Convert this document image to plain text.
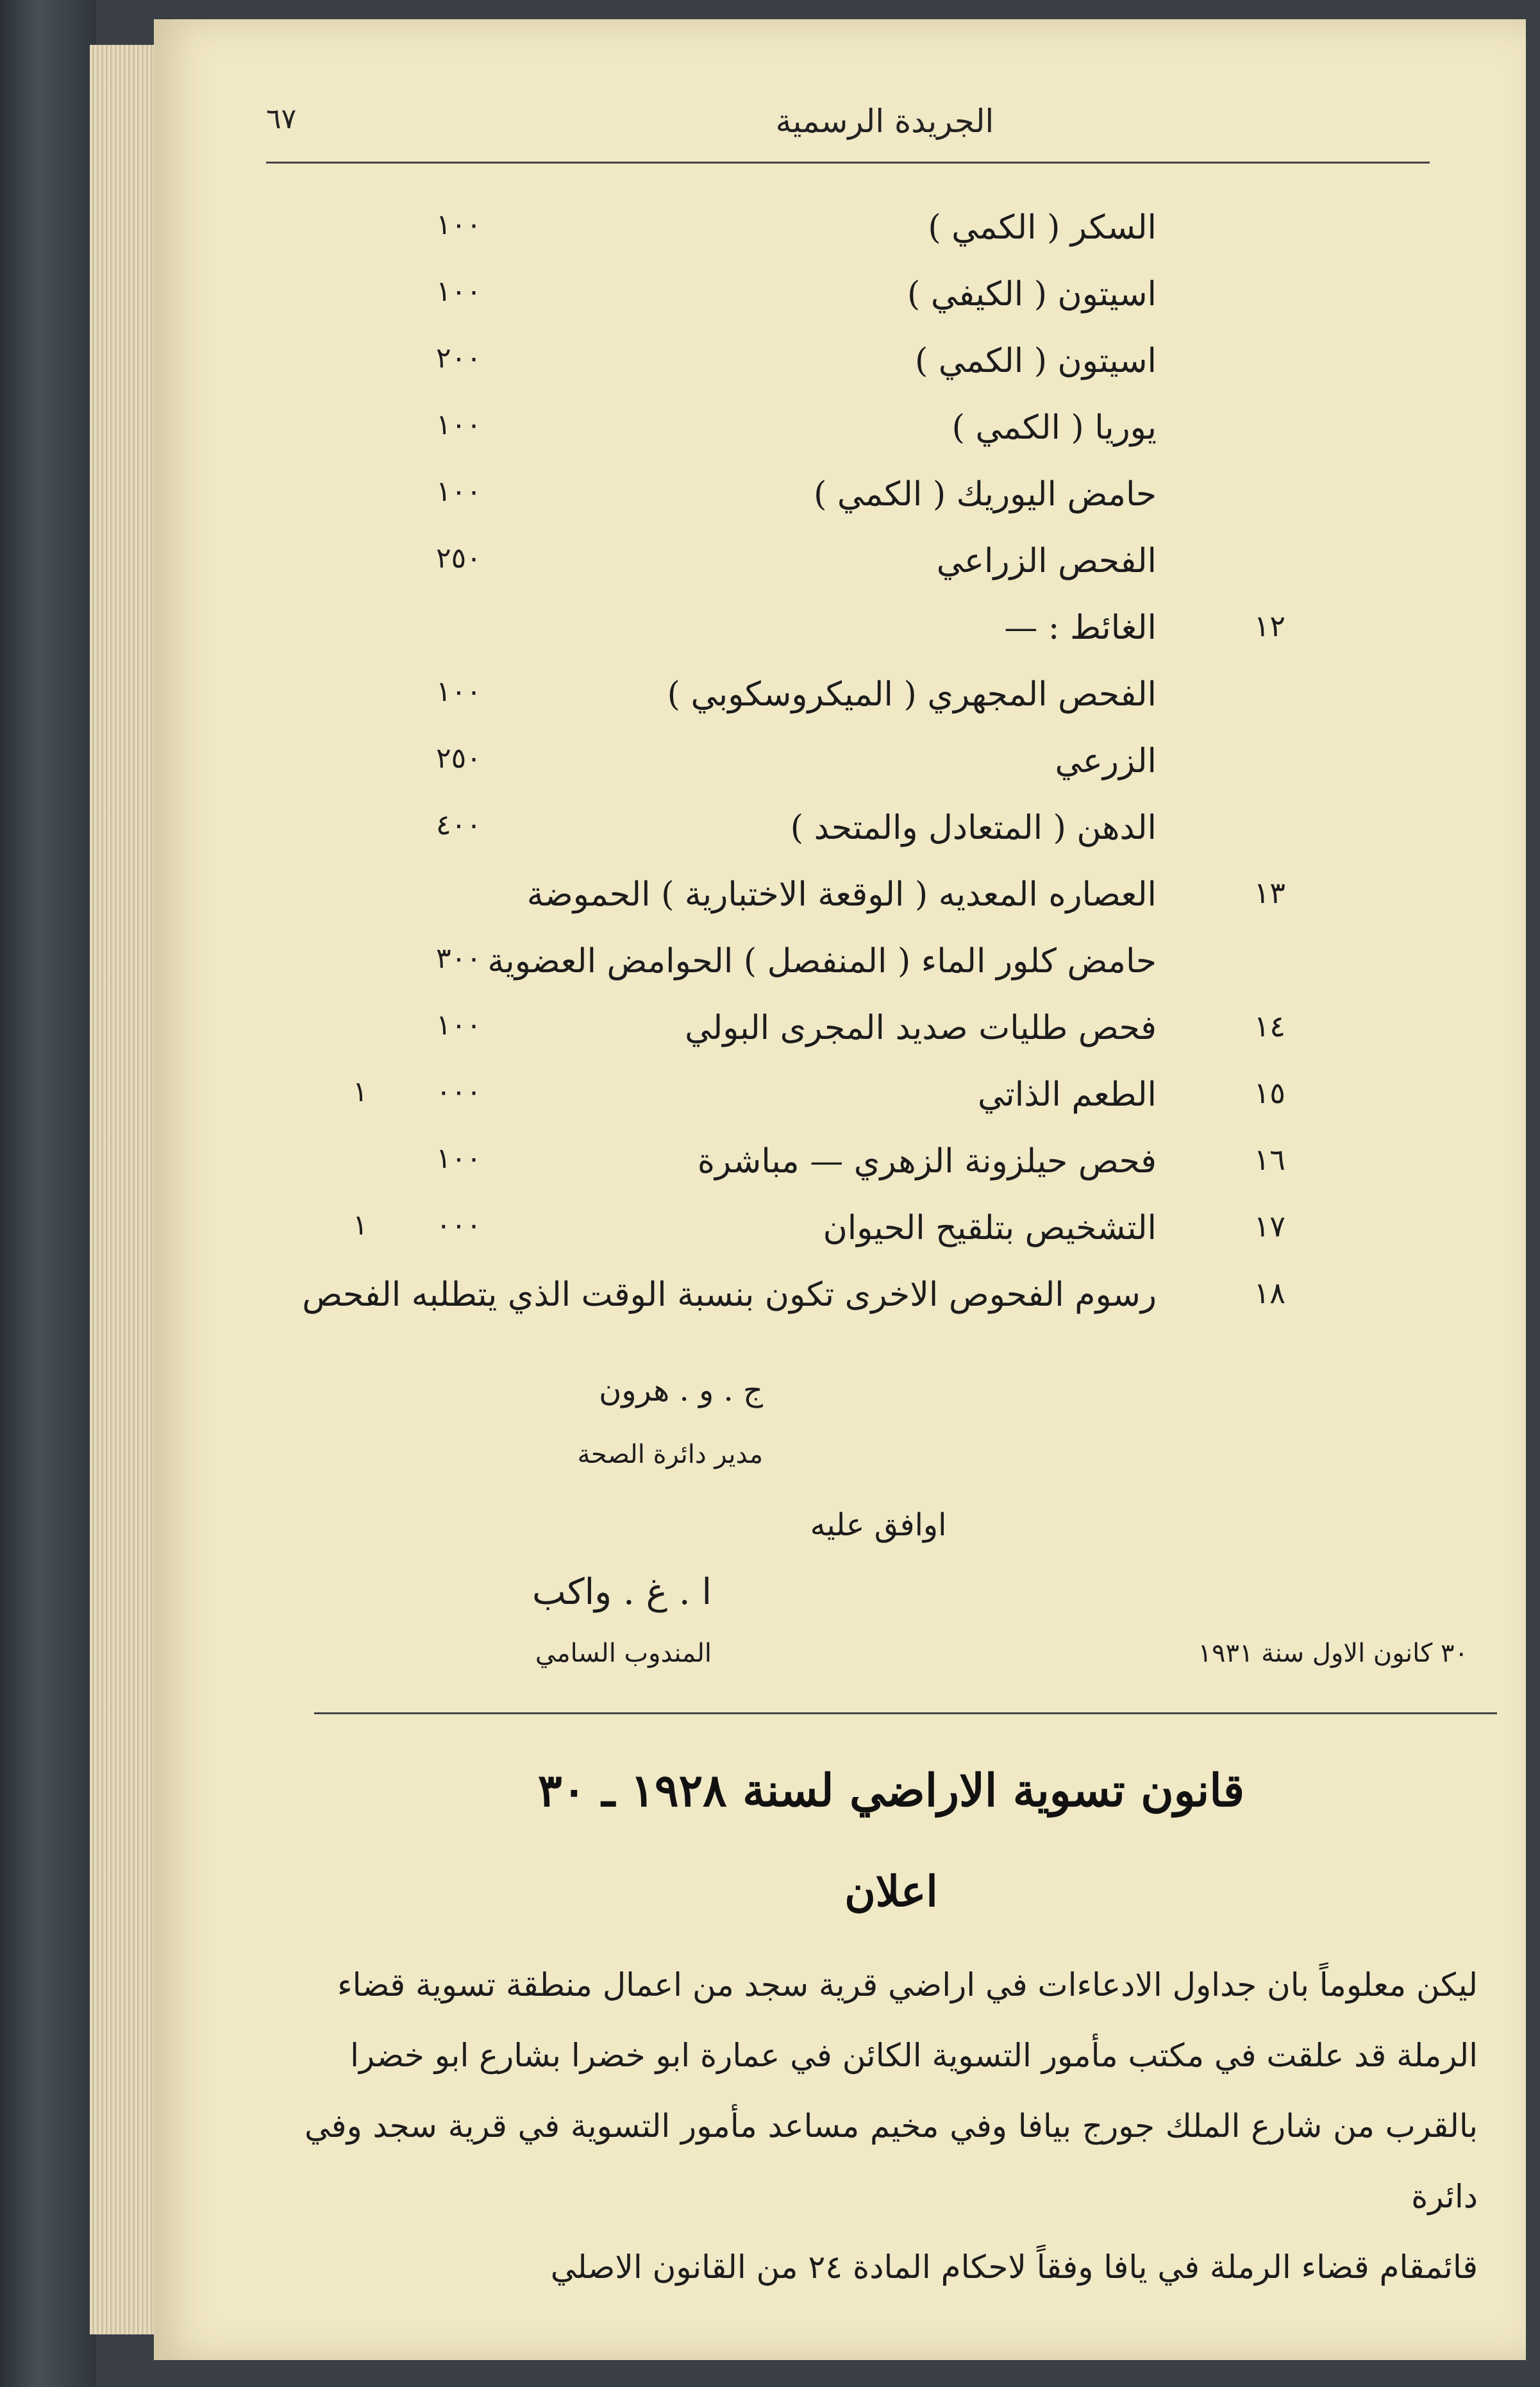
٦٧	الجريدة الرسمية
السكر ( الكمي )
١٠٠
اسيتون ( الكيفي )
١٠٠
اسيتون ( الكمي )
٢٠٠
يوريا ( الكمي )
١٠٠
حامض اليوريك ( الكمي )
١٠٠
الفحص الزراعي
٢٥٠
١٢
الغائط : —
الفحص المجهري ( الميكروسكوبي )
١٠٠
الزرعي
٢٥٠
الدهن ( المتعادل والمتحد )
٤٠٠
١٣
العصاره المعديه ( الوقعة الاختبارية ) الحموضة
حامض كلور الماء ( المنفصل ) الحوامض العضوية
٣٠٠
١٤
فحص طليات صديد المجرى البولي
١٠٠
١٥
الطعم الذاتي
٠٠٠
١
١٦
فحص حيلزونة الزهري — مباشرة
١٠٠
١٧
التشخيص بتلقيح الحيوان
٠٠٠
١
١٨
رسوم الفحوص الاخرى تكون بنسبة الوقت الذي يتطلبه الفحص
ج . و . هرون
مدير دائرة الصحة
اوافق عليه
ا . غ . واكب
المندوب السامي	٣٠ كانون الاول سنة ١٩٣١
قانون تسوية الاراضي لسنة ١٩٢٨ ـ ٣٠
اعلان
ليكن معلوماً بان جداول الادعاءات في اراضي قرية سجد من اعمال منطقة تسوية قضاء
الرملة قد علقت في مكتب مأمور التسوية الكائن في عمارة ابو خضرا بشارع ابو خضرا
بالقرب من شارع الملك جورج بيافا وفي مخيم مساعد مأمور التسوية في قرية سجد وفي دائرة
قائمقام قضاء الرملة في يافا وفقاً لاحكام المادة ٢٤ من القانون الاصلي
